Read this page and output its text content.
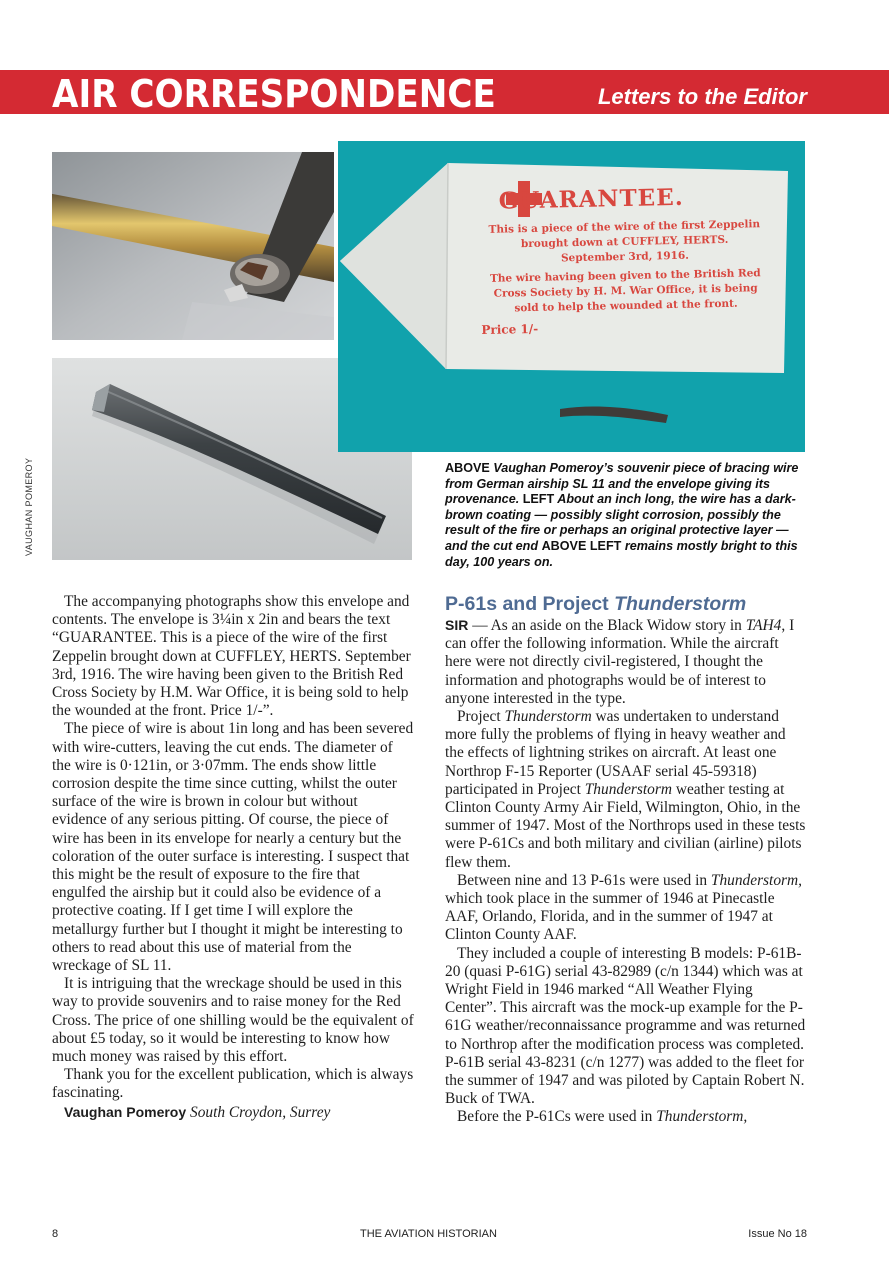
AIR CORRESPONDENCE	Letters to the Editor
VAUGHAN POMEROY
GUARANTEE.
This is a piece of the wire of the first Zeppelin
brought down at CUFFLEY, HERTS.
September 3rd, 1916.
The wire having been given to the British Red
Cross Society by H. M. War Office, it is being
sold to help the wounded at the front.
Price 1/-
ABOVE Vaughan Pomeroy’s souvenir piece of bracing wire from German airship SL 11 and the envelope giving its provenance. LEFT About an inch long, the wire has a dark-brown coating — possibly slight corrosion, possibly the result of the fire or perhaps an original protective layer — and the cut end ABOVE LEFT remains mostly bright to this day, 100 years on.

The accompanying photographs show this envelope and contents. The envelope is 3¼in x 2in and bears the text “GUARANTEE. This is a piece of the wire of the first Zeppelin brought down at CUFFLEY, HERTS. September 3rd, 1916. The wire having been given to the British Red Cross Society by H.M. War Office, it is being sold to help the wounded at the front. Price 1/-”.

The piece of wire is about 1in long and has been severed with wire-cutters, leaving the cut ends. The diameter of the wire is 0·121in, or 3·07mm. The ends show little corrosion despite the time since cutting, whilst the outer surface of the wire is brown in colour but without evidence of any serious pitting. Of course, the piece of wire has been in its envelope for nearly a century but the coloration of the outer surface is interesting. I suspect that this might be the result of exposure to the fire that engulfed the airship but it could also be evidence of a protective coating. If I get time I will explore the metallurgy further but I thought it might be interesting to others to read about this use of material from the wreckage of SL 11.

It is intriguing that the wreckage should be used in this way to provide souvenirs and to raise money for the Red Cross. The price of one shilling would be the equivalent of about £5 today, so it would be interesting to know how much money was raised by this effort.

Thank you for the excellent publication, which is always fascinating.

Vaughan Pomeroy South Croydon, Surrey

P-61s and Project Thunderstorm

SIR — As an aside on the Black Widow story in TAH4, I can offer the following information. While the aircraft here were not directly civil-registered, I thought the information and photographs would be of interest to anyone interested in the type.

Project Thunderstorm was undertaken to understand more fully the problems of flying in heavy weather and the effects of lightning strikes on aircraft. At least one Northrop F-15 Reporter (USAAF serial 45-59318) participated in Project Thunderstorm weather testing at Clinton County Army Air Field, Wilmington, Ohio, in the summer of 1947. Most of the Northrops used in these tests were P-61Cs and both military and civilian (airline) pilots flew them.

Between nine and 13 P-61s were used in Thunderstorm, which took place in the summer of 1946 at Pinecastle AAF, Orlando, Florida, and in the summer of 1947 at Clinton County AAF.

They included a couple of interesting B models: P-61B-20 (quasi P-61G) serial 43-82989 (c/n 1344) which was at Wright Field in 1946 marked “All Weather Flying Center”. This aircraft was the mock-up example for the P-61G weather/reconnaissance programme and was returned to Northrop after the modification process was completed. P-61B serial 43-8231 (c/n 1277) was added to the fleet for the summer of 1947 and was piloted by Captain Robert N. Buck of TWA.

Before the P-61Cs were used in Thunderstorm,

8	THE AVIATION HISTORIAN	Issue No 18
